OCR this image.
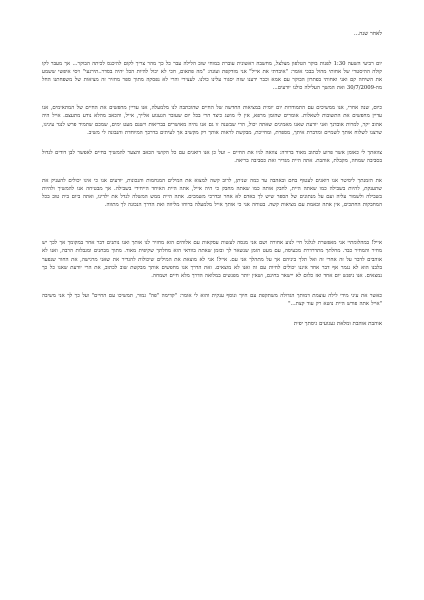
לאחר שנה...

יום רביעי השעה 1:30 לפנות בוקר הטלפון מצלצל, מחשבה ראשונית עוברת במוחי שוב הלילה עבר כל כך מהר צריך לקום להיכנס לכיתה הבוקר... אך מעבר לקו קולה ההיסטרי של אחותי מהול בבכי אומר: "איבדתי את אייל" אני מזדקפת ועונה: "מה פתאום, חכי לא יכול להיות הכל יהיה בסדר..תירגעי" ויסי איפשי ששמע את השיחה קם ואני ואחותי בפתרון הבוקר עם אמא וכבר ידענו שזה יסגור עלינו כולנו. לעצירי והרי לא נפסקה מתוך ספר מחזיר זה מציאות של משפחתנו החל מה-30/7/2009 ואת המשך העלילה כולנו יודעים...

כיום, שנה אחרי, אנו ממשיכים עם התמודדות יום יומית במציאות החדשה של החיים שהוכתבה לנו מלמעלה, אנו עדיין מחפשים את החיים של המתאימים, אנו עדיין מחפשים את התשובות לשאלות. אומרים שהזמן מרפא, אין לי מושג כיצד הרי בכל יום שעובר הגעגוע אלייך, אייל, והכאב מהלא נודע מתעצם. אייל היה אהוב יקר, למרות אובדנך ואני יודעת שאנו מאמינים שאתה יכול, הרי שבשנה זו גם אנו נהיה מאושרים בבריאות וישנם מעט ימים, שמכם שתמיד פרש לנגד עינינו, שרצנו לשלוח אותך לשמיים ומדברת איתך, מספרת, ומחייכת, מבקשת לראות אותך רק מקשיב אך לעיתים בדרכך המיוחדת והנבונה לי משיב.

צוואתך לי כאומן אשר פרוע לכתוב מאוד בדורה: צוואה לגיו את החיים – ועל כן אנו דואגים עם כל הקושי הכאב והצער להמשיך בחיים לאפשר לבן דודים לגדול בסביבה שמחה, מקבלת, אוהבת. אתה היית מגדיר ואת כסביבה בריאה.

את הזמנתך ליסיטר אנו דואגים לעטוף בחם ובאהבה עד כמה שניתן, לרוב קשה למצוא את המילים המנחמות והנכונות, יודעים אנו כי אינו יכולים להעניק את שתענקת, להיות בשבילה כמו שאתה היית, לחבק אותה כמו שאתה מחבק כי היה אייל, אתה היית האיחד הייחידי בשבילה. אך מבטיחה אנו להמשיך ולהיות בשבילה ולשמור עליה ועם על מנתונים של הספר שיש לך באדם לא אחר ובדרכי משמכים. אתה היית ממש המשלה לנדל את ילדינו, ואתה ביום בית טוב בכל המחבקות החתכים, אין אתה ובאמת עם מציאות קשה. בטוחה אני כי אותך אייל מלמעלה ברוחו מליווה ואת הדרך הנכונה לך מתווה.

אייל! במהלומתיי אני מאפשרת לגלגל חיי לנוע אחורה ושם אני מנסה לעשות עסקאות עם אלוהים הוא מחזיר לנו אותך ואנו נותנים דבר אחר במקומך אך לכך יש מחיר והמחיר כבד. מחלתך מתדרדרת מכעיסה, עם מעט הזמן שנשאר לך ובזמן שאתה בוודאי הוא מחלתך שקיפית מאוד. מתוך מבחנים ומגבלות הרבה, ואנו לא אוהבים לדבר על זה אחרי זה ואל תלך ביניהם אך על מתהלך אני עם. אייל! אני לא מוצאת את המילים שיכולות להגדיר את שאני מרגישה, את החור שנפער בלבנו הוא לא נגמר אף דבר אחד איננו יכולים לחיות עם זה ואנו לא מוצאים. ואת הדרך אנו מחפשים אותך מבקשת שוב לכתוב, את הרי יודעת שאנו כל כך נמצאים. אנו ניפגש יום אחד ואז כלום לא יישאר בחינם, ושאין יותר מפגשים במלואה הדרך מלא חיים ושמחה.

כאשר את עיני מידי לילה עוצמת דמותך הגדולה משתקפת עם חיוך ונוסף ענקית והוא לי אומר: "קדימה "פה" גמור, תמשיכו עם החיים" ועל כך לך אני משיבה "אייל אתה פורש היית נושא רק עוד קצת..."

אוהבת אוהבת ומלאת געגועים גיסתך יפית
